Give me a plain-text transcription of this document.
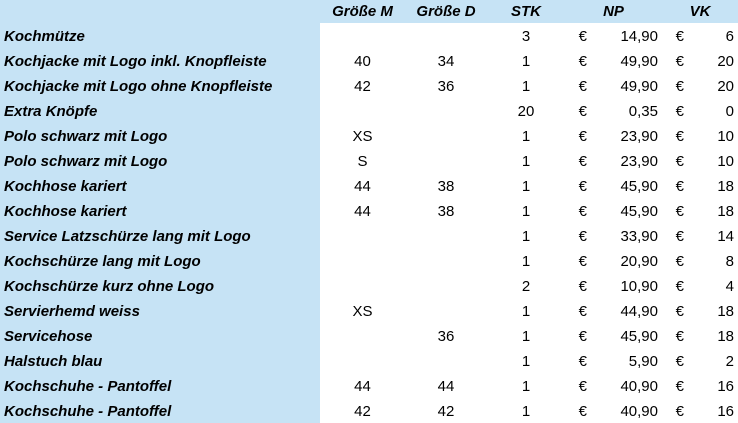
	Größe M	Größe D	STK	NP		VK	
Kochmütze			3	€	14,90	€	6
Kochjacke mit Logo inkl. Knopfleiste	40	34	1	€	49,90	€	20
Kochjacke mit Logo ohne Knopfleiste	42	36	1	€	49,90	€	20
Extra Knöpfe			20	€	0,35	€	0
Polo schwarz mit Logo	XS		1	€	23,90	€	10
Polo schwarz mit Logo	S		1	€	23,90	€	10
Kochhose kariert	44	38	1	€	45,90	€	18
Kochhose kariert	44	38	1	€	45,90	€	18
Service Latzschürze lang mit Logo			1	€	33,90	€	14
Kochschürze lang mit Logo			1	€	20,90	€	8
Kochschürze kurz ohne Logo			2	€	10,90	€	4
Servierhemd weiss	XS		1	€	44,90	€	18
Servicehose		36	1	€	45,90	€	18
Halstuch blau			1	€	5,90	€	2
Kochschuhe - Pantoffel	44	44	1	€	40,90	€	16
Kochschuhe - Pantoffel	42	42	1	€	40,90	€	16
